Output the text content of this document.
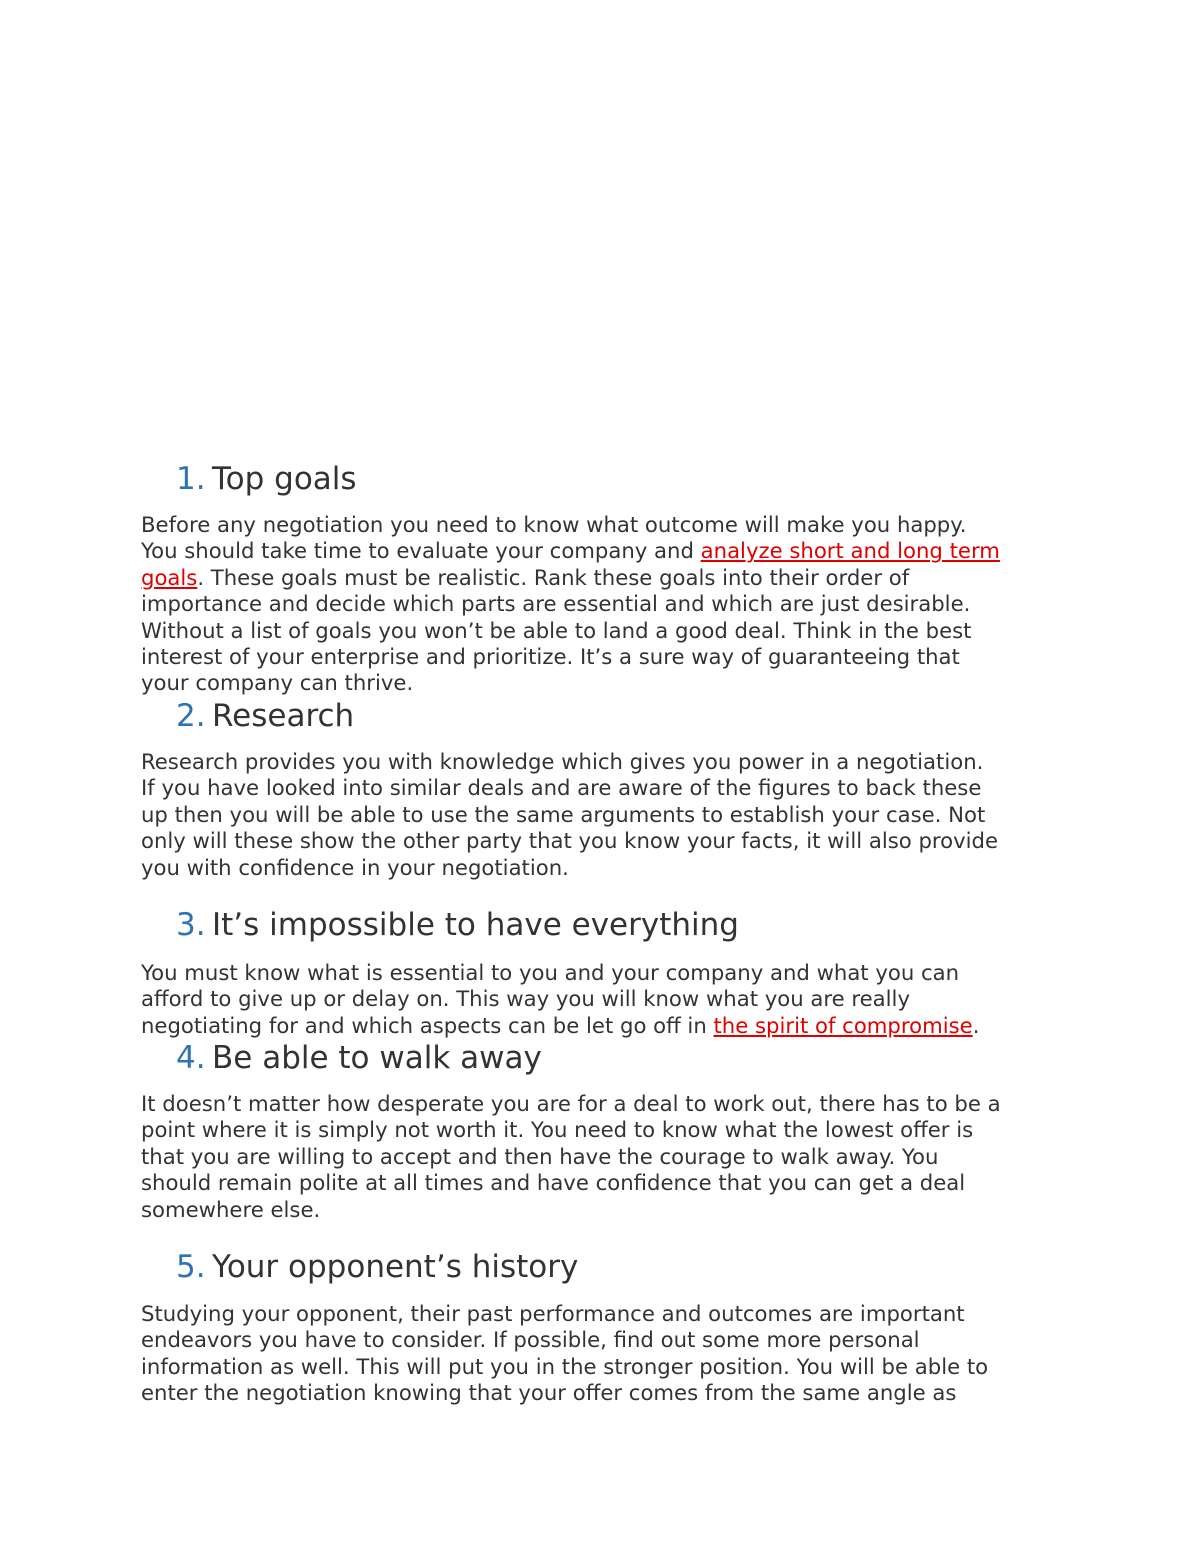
1. Top goals
Before any negotiation you need to know what outcome will make you happy.
You should take time to evaluate your company and analyze short and long term
goals. These goals must be realistic. Rank these goals into their order of
importance and decide which parts are essential and which are just desirable.
Without a list of goals you won’t be able to land a good deal. Think in the best
interest of your enterprise and prioritize. It’s a sure way of guaranteeing that
your company can thrive.
2. Research
Research provides you with knowledge which gives you power in a negotiation.
If you have looked into similar deals and are aware of the figures to back these
up then you will be able to use the same arguments to establish your case. Not
only will these show the other party that you know your facts, it will also provide
you with confidence in your negotiation.
3. It’s impossible to have everything
You must know what is essential to you and your company and what you can
afford to give up or delay on. This way you will know what you are really
negotiating for and which aspects can be let go off in the spirit of compromise.
4. Be able to walk away
It doesn’t matter how desperate you are for a deal to work out, there has to be a
point where it is simply not worth it. You need to know what the lowest offer is
that you are willing to accept and then have the courage to walk away. You
should remain polite at all times and have confidence that you can get a deal
somewhere else.
5. Your opponent’s history
Studying your opponent, their past performance and outcomes are important
endeavors you have to consider. If possible, find out some more personal
information as well. This will put you in the stronger position. You will be able to
enter the negotiation knowing that your offer comes from the same angle as
